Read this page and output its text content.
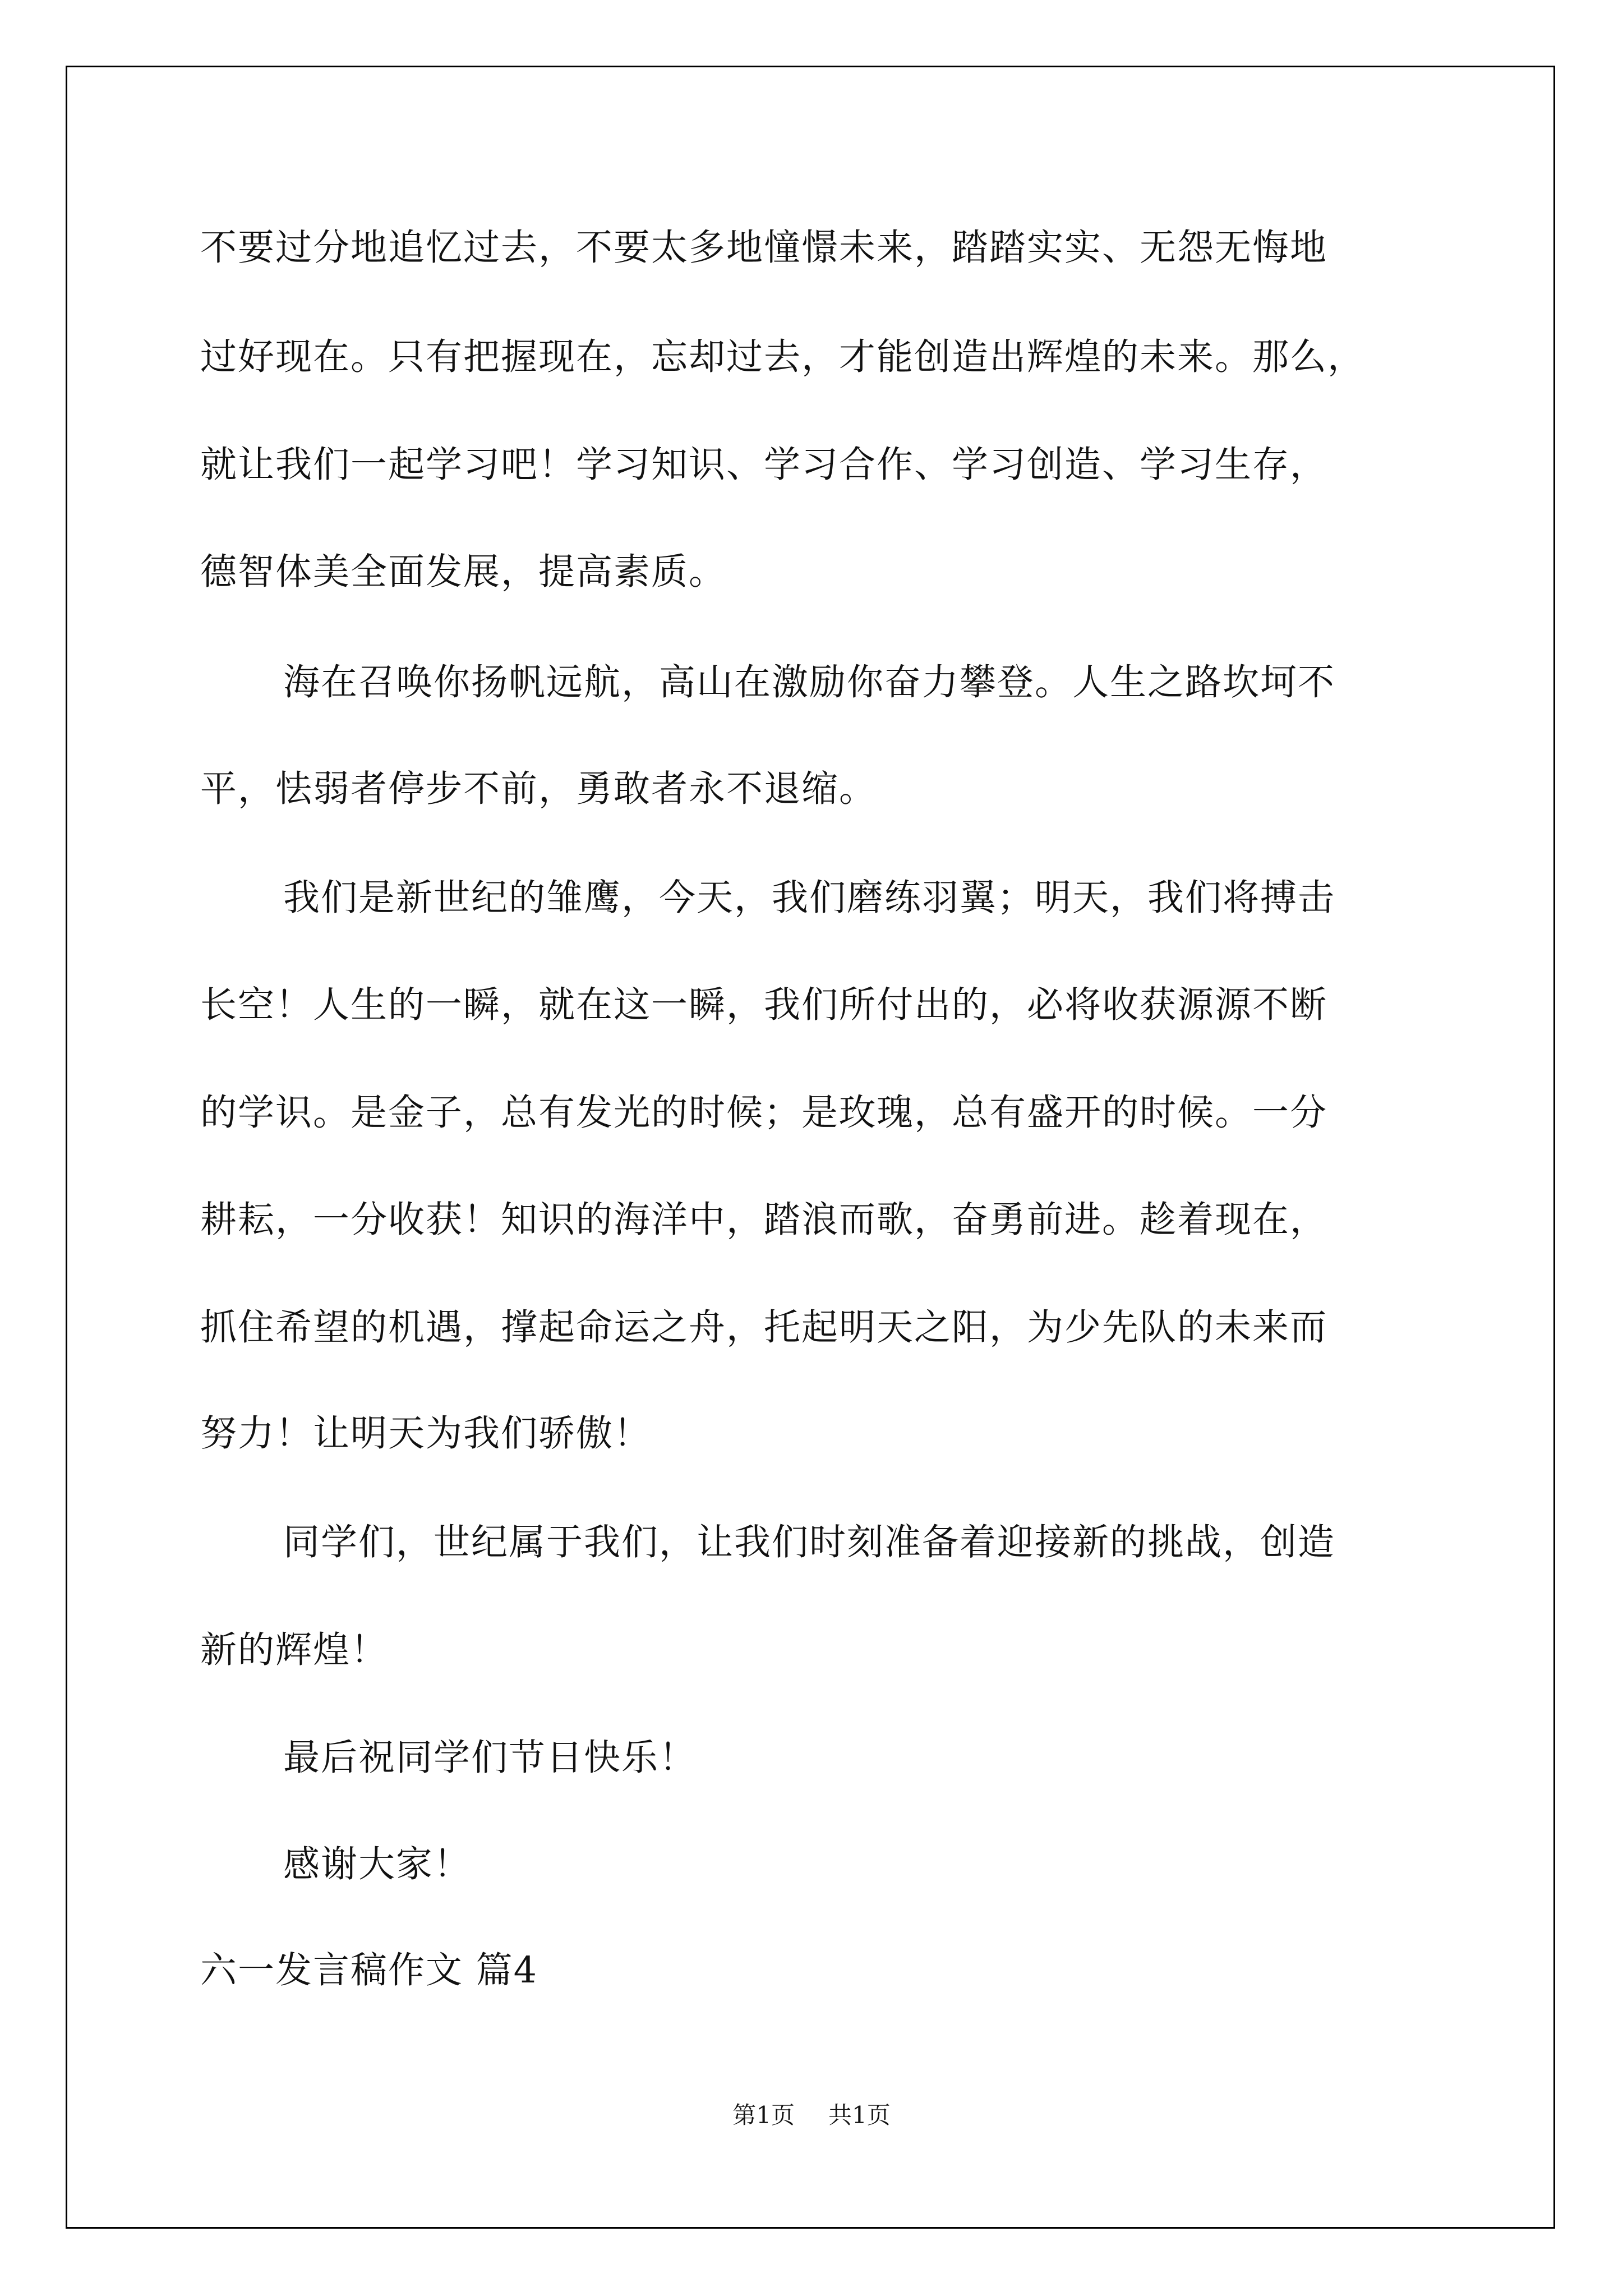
不要过分地追忆过去，不要太多地憧憬未来，踏踏实实、无怨无悔地
过好现在。只有把握现在，忘却过去，才能创造出辉煌的未来。那么，
就让我们一起学习吧！学习知识、学习合作、学习创造、学习生存，
德智体美全面发展，提高素质。
海在召唤你扬帆远航，高山在激励你奋力攀登。人生之路坎坷不
平，怯弱者停步不前，勇敢者永不退缩。
我们是新世纪的雏鹰，今天，我们磨练羽翼；明天，我们将搏击
长空！人生的一瞬，就在这一瞬，我们所付出的，必将收获源源不断
的学识。是金子，总有发光的时候；是玫瑰，总有盛开的时候。一分
耕耘，一分收获！知识的海洋中，踏浪而歌，奋勇前进。趁着现在，
抓住希望的机遇，撑起命运之舟，托起明天之阳，为少先队的未来而
努力！让明天为我们骄傲！
同学们，世纪属于我们，让我们时刻准备着迎接新的挑战，创造
新的辉煌！
最后祝同学们节日快乐！
感谢大家！
六一发言稿作文 篇4
第1页 共1页
